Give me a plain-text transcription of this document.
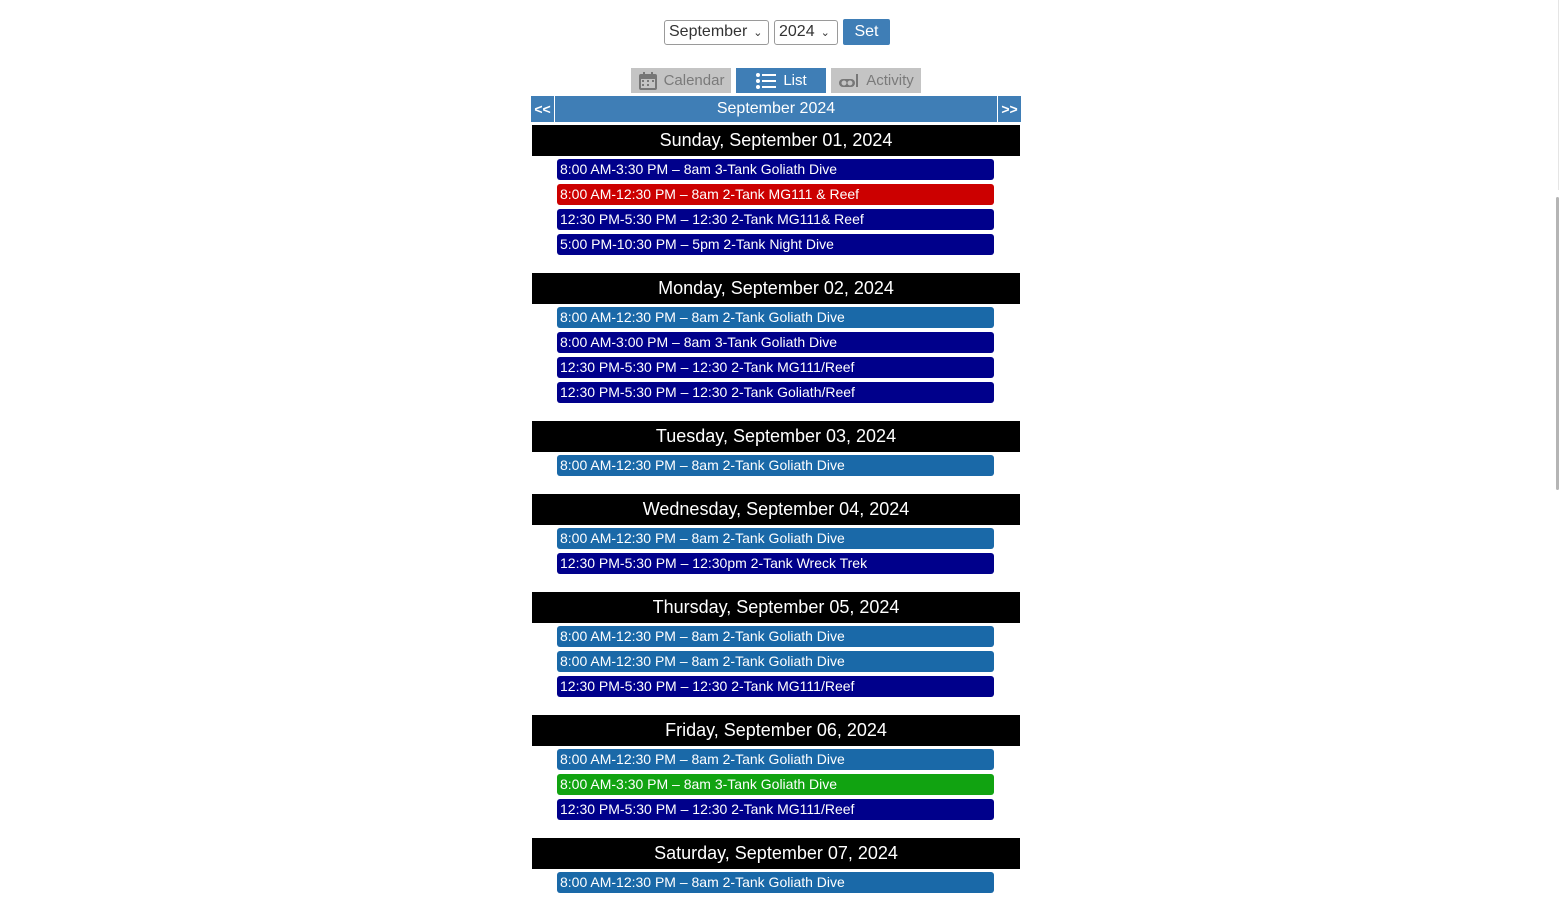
September ⌄ 2024 ⌄	Set
Calendar	List	Activity
<<	September 2024	>>
Sunday, September 01, 2024
8:00 AM-3:30 PM – 8am 3-Tank Goliath Dive
8:00 AM-12:30 PM – 8am 2-Tank MG111 & Reef
12:30 PM-5:30 PM – 12:30 2-Tank MG111& Reef
5:00 PM-10:30 PM – 5pm 2-Tank Night Dive
Monday, September 02, 2024
8:00 AM-12:30 PM – 8am 2-Tank Goliath Dive
8:00 AM-3:00 PM – 8am 3-Tank Goliath Dive
12:30 PM-5:30 PM – 12:30 2-Tank MG111/Reef
12:30 PM-5:30 PM – 12:30 2-Tank Goliath/Reef
Tuesday, September 03, 2024
8:00 AM-12:30 PM – 8am 2-Tank Goliath Dive
Wednesday, September 04, 2024
8:00 AM-12:30 PM – 8am 2-Tank Goliath Dive
12:30 PM-5:30 PM – 12:30pm 2-Tank Wreck Trek
Thursday, September 05, 2024
8:00 AM-12:30 PM – 8am 2-Tank Goliath Dive
8:00 AM-12:30 PM – 8am 2-Tank Goliath Dive
12:30 PM-5:30 PM – 12:30 2-Tank MG111/Reef
Friday, September 06, 2024
8:00 AM-12:30 PM – 8am 2-Tank Goliath Dive
8:00 AM-3:30 PM – 8am 3-Tank Goliath Dive
12:30 PM-5:30 PM – 12:30 2-Tank MG111/Reef
Saturday, September 07, 2024
8:00 AM-12:30 PM – 8am 2-Tank Goliath Dive
